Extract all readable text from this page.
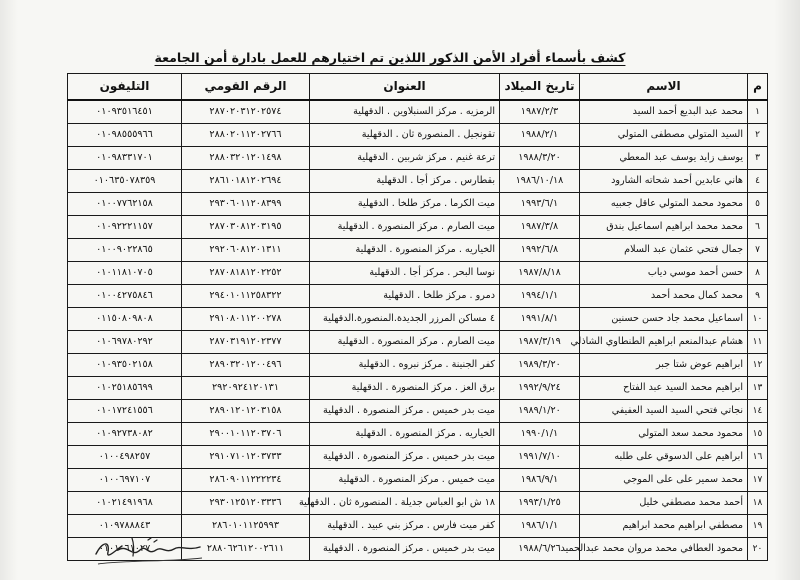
كشف بأسماء أفراد الأمن الذكور اللذين تم اختيارهم للعمل بادارة أمن الجامعة
م	الاسم	تاريخ الميلاد	العنوان	الرقم القومي	التليفون
١	محمد عبد البديع أحمد السيد	١٩٨٧/٢/٣	الرمزيه . مركز السنبلاوين . الدقهلية	٢٨٧٠٢٠٣١٢٠٢٥٧٤	٠١٠٩٣٥١٦٤٥١
٢	السيد المتولي مصطفى المتولي	١٩٨٨/٢/١	تقونجيل . المنصورة ثان . الدقهلية	٢٨٨٠٢٠١١٢٠٢٧٦٦	٠١٠٩٨٥٥٥٩٦٦
٣	يوسف زايد يوسف عبد المعطي	١٩٨٨/٣/٢٠	ترعة غنيم . مركز شربين . الدقهلية	٢٨٨٠٣٢٠١٢٠١٤٩٨	٠١٠٩٨٣٣١٧٠١
٤	هاني عابدين أحمد شحاته الشارود	١٩٨٦/١٠/١٨	بقطارس . مركز أجا . الدقهلية	٢٨٦١٠١٨١٢٠٢٦٩٤	٠١٠٦٣٥٠٧٨٣٥٩
٥	محمود محمد المتولي عاقل جعبيه	١٩٩٣/٦/١	ميت الكرما . مركز طلخا . الدقهلية	٢٩٣٠٦٠١١٢٠٨٣٩٩	٠١٠٠٧٧٦٢١٥٨
٦	محمد محمد ابراهيم اسماعيل بندق	١٩٨٧/٣/٨	ميت الصارم . مركز المنصورة . الدقهلية	٢٨٧٠٣٠٨١٢٠٣١٩٥	٠١٠٩٢٢٢١١٥٧
٧	جمال فتحي عثمان عبد السلام	١٩٩٢/٦/٨	الخياريه . مركز المنصورة . الدقهلية	٢٩٢٠٦٠٨١٢٠١٣١١	٠١٠٠٩٠٢٢٨٦٥
٨	حسن أحمد موسي دياب	١٩٨٧/٨/١٨	نوسا البحر . مركز أجا . الدقهلية	٢٨٧٠٨١٨١٢٠٢٢٥٢	٠١٠١١٨١٠٧٠٥
٩	محمد كمال محمد أحمد	١٩٩٤/١/١	دمرو . مركز طلخا . الدقهلية	٢٩٤٠١٠١١٢٥٨٣٢٢	٠١٠٠٤٢٧٥٨٤٦
١٠	اسماعيل محمد جاد حسن حسنين	١٩٩١/٨/١	٤ مساكن المرزر الجديدة.المنصورة.الدقهلية	٢٩١٠٨٠١١٢٠٠٢٧٨	٠١١٥٠٨٠٩٨٠٨
١١	هشام عبدالمنعم ابراهيم الطنطاوي الشاذلي	١٩٨٧/٣/١٩	ميت الصارم . مركز المنصورة . الدقهلية	٢٨٧٠٣١٩١٢٠٢٣٧٧	٠١٠٦٩٧٨٠٢٩٢
١٢	ابراهيم عوض شتا جبر	١٩٨٩/٣/٢٠	كفر الجنينة . مركز نبروه . الدقهلية	٢٨٩٠٣٢٠١٢٠٠٤٩٦	٠١٠٩٣٥٠٢١٥٨
١٣	ابراهيم محمد السيد عبد الفتاح	١٩٩٢/٩/٢٤	برق العز . مركز المنصورة . الدقهلية	٢٩٢٠٩٢٤١٢٠١٣١	٠١٠٢٥١٨٥٦٩٩
١٤	نجاتي فتحي السيد السيد العفيفي	١٩٨٩/١/٢٠	ميت بدر خميس . مركز المنصورة . الدقهلية	٢٨٩٠١٢٠١٢٠٣١٥٨	٠١٠١٧٢٤١٥٥٦
١٥	محمود محمد سعد المتولي	١٩٩٠/١/١	الخياريه . مركز المنصورة . الدقهلية	٢٩٠٠١٠١١٢٠٣٧٠٦	٠١٠٩٢٧٣٨٠٨٢
١٦	ابراهيم على الدسوقي على طلبه	١٩٩١/٧/١٠	ميت بدر خميس . مركز المنصورة . الدقهلية	٢٩١٠٧١٠١٢٠٣٧٣٣	٠١٠٠٤٩٨٢٥٧
١٧	محمد سمير على على الموجي	١٩٨٦/٩/١	ميت خميس . مركز المنصورة . الدقهلية	٢٨٦٠٩٠١١٢٢٢٢٣٤	٠١٠٠٦٩٧١٠٧
١٨	أحمد محمد مصطفي خليل	١٩٩٣/١/٢٥	١٨ ش ابو العباس جديلة . المنصورة ثان . الدقهلية	٢٩٣٠١٢٥١٢٠٣٣٣٦	٠١٠٢١٤٩١٩٦٨
١٩	مصطفي ابراهيم محمد ابراهيم	١٩٨٦/١/١	كفر ميت فارس . مركز بني عبيد . الدقهلية	٢٨٦٠١٠١١٢٥٩٩٣	٠١٠٩٧٨٨٨٤٣
٢٠	محمود العطافي محمد مروان محمد عبدالحميد	١٩٨٨/٦/٢٦	ميت بدر خميس . مركز المنصورة . الدقهلية	٢٨٨٠٦٢٦١٢٠٠٢٦١١	٠١٠١٠٦١٠٢٧
